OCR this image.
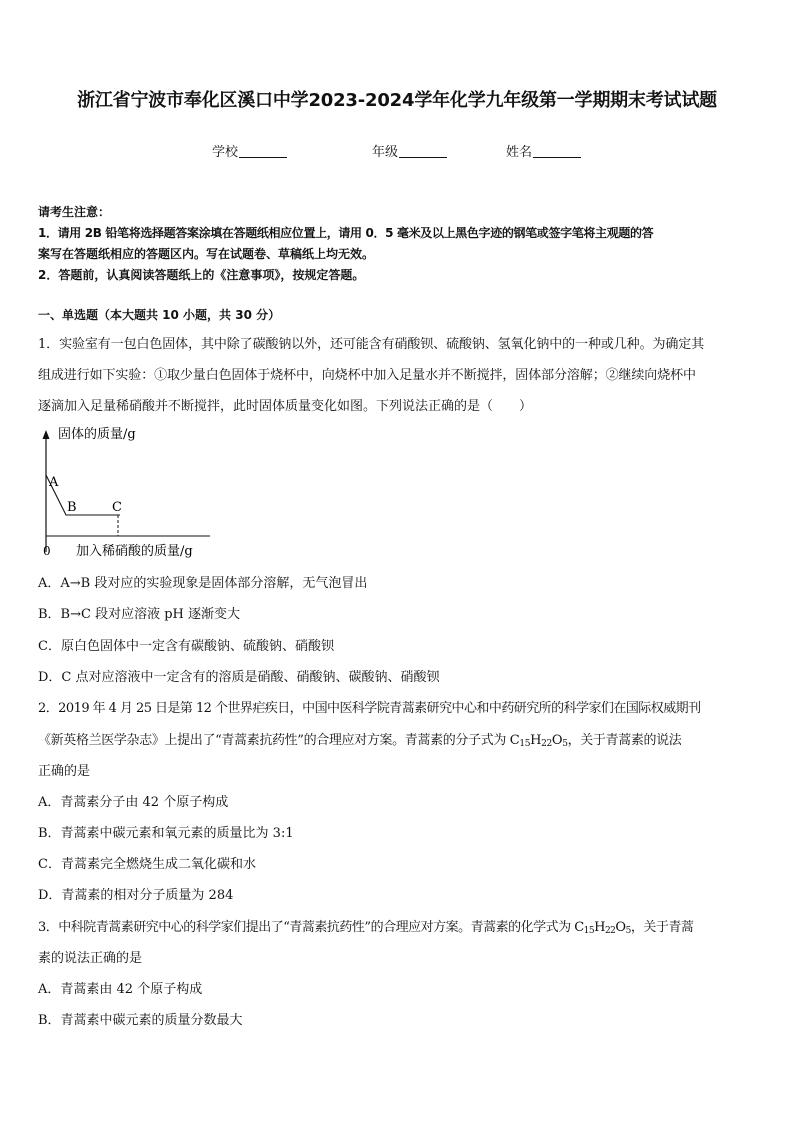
浙江省宁波市奉化区溪口中学2023-2024学年化学九年级第一学期期末考试试题
学校	年级	姓名
请考生注意：
1．请用 2B 铅笔将选择题答案涂填在答题纸相应位置上，请用 0．5 毫米及以上黑色字迹的钢笔或签字笔将主观题的答
案写在答题纸相应的答题区内。写在试题卷、草稿纸上均无效。
2．答题前，认真阅读答题纸上的《注意事项》，按规定答题。
一、单选题（本大题共 10 小题，共 30 分）
1．实验室有一包白色固体，其中除了碳酸钠以外，还可能含有硝酸钡、硫酸钠、氢氧化钠中的一种或几种。为确定其
组成进行如下实验：①取少量白色固体于烧杯中，向烧杯中加入足量水并不断搅拌，固体部分溶解；②继续向烧杯中
逐滴加入足量稀硝酸并不断搅拌，此时固体质量变化如图。下列说法正确的是（　　）
固体的质量/g
加入稀硝酸的质量/g
0
A
B	C
A．A→B 段对应的实验现象是固体部分溶解，无气泡冒出
B．B→C 段对应溶液 pH 逐渐变大
C．原白色固体中一定含有碳酸钠、硫酸钠、硝酸钡
D．C 点对应溶液中一定含有的溶质是硝酸、硝酸钠、碳酸钠、硝酸钡
2．2019 年 4 月 25 日是第 12 个世界疟疾日，中国中医科学院青蒿素研究中心和中药研究所的科学家们在国际权威期刊
《新英格兰医学杂志》上提出了“青蒿素抗药性”的合理应对方案。青蒿素的分子式为 $C_{15}H_{22}O_5$，关于青蒿素的说法
正确的是
A．青蒿素分子由 42 个原子构成
B．青蒿素中碳元素和氧元素的质量比为 3:1
C．青蒿素完全燃烧生成二氧化碳和水
D．青蒿素的相对分子质量为 284
3．中科院青蒿素研究中心的科学家们提出了“青蒿素抗药性”的合理应对方案。青蒿素的化学式为 $C_{15}H_{22}O_5$，关于青蒿
素的说法正确的是
A．青蒿素由 42 个原子构成
B．青蒿素中碳元素的质量分数最大
